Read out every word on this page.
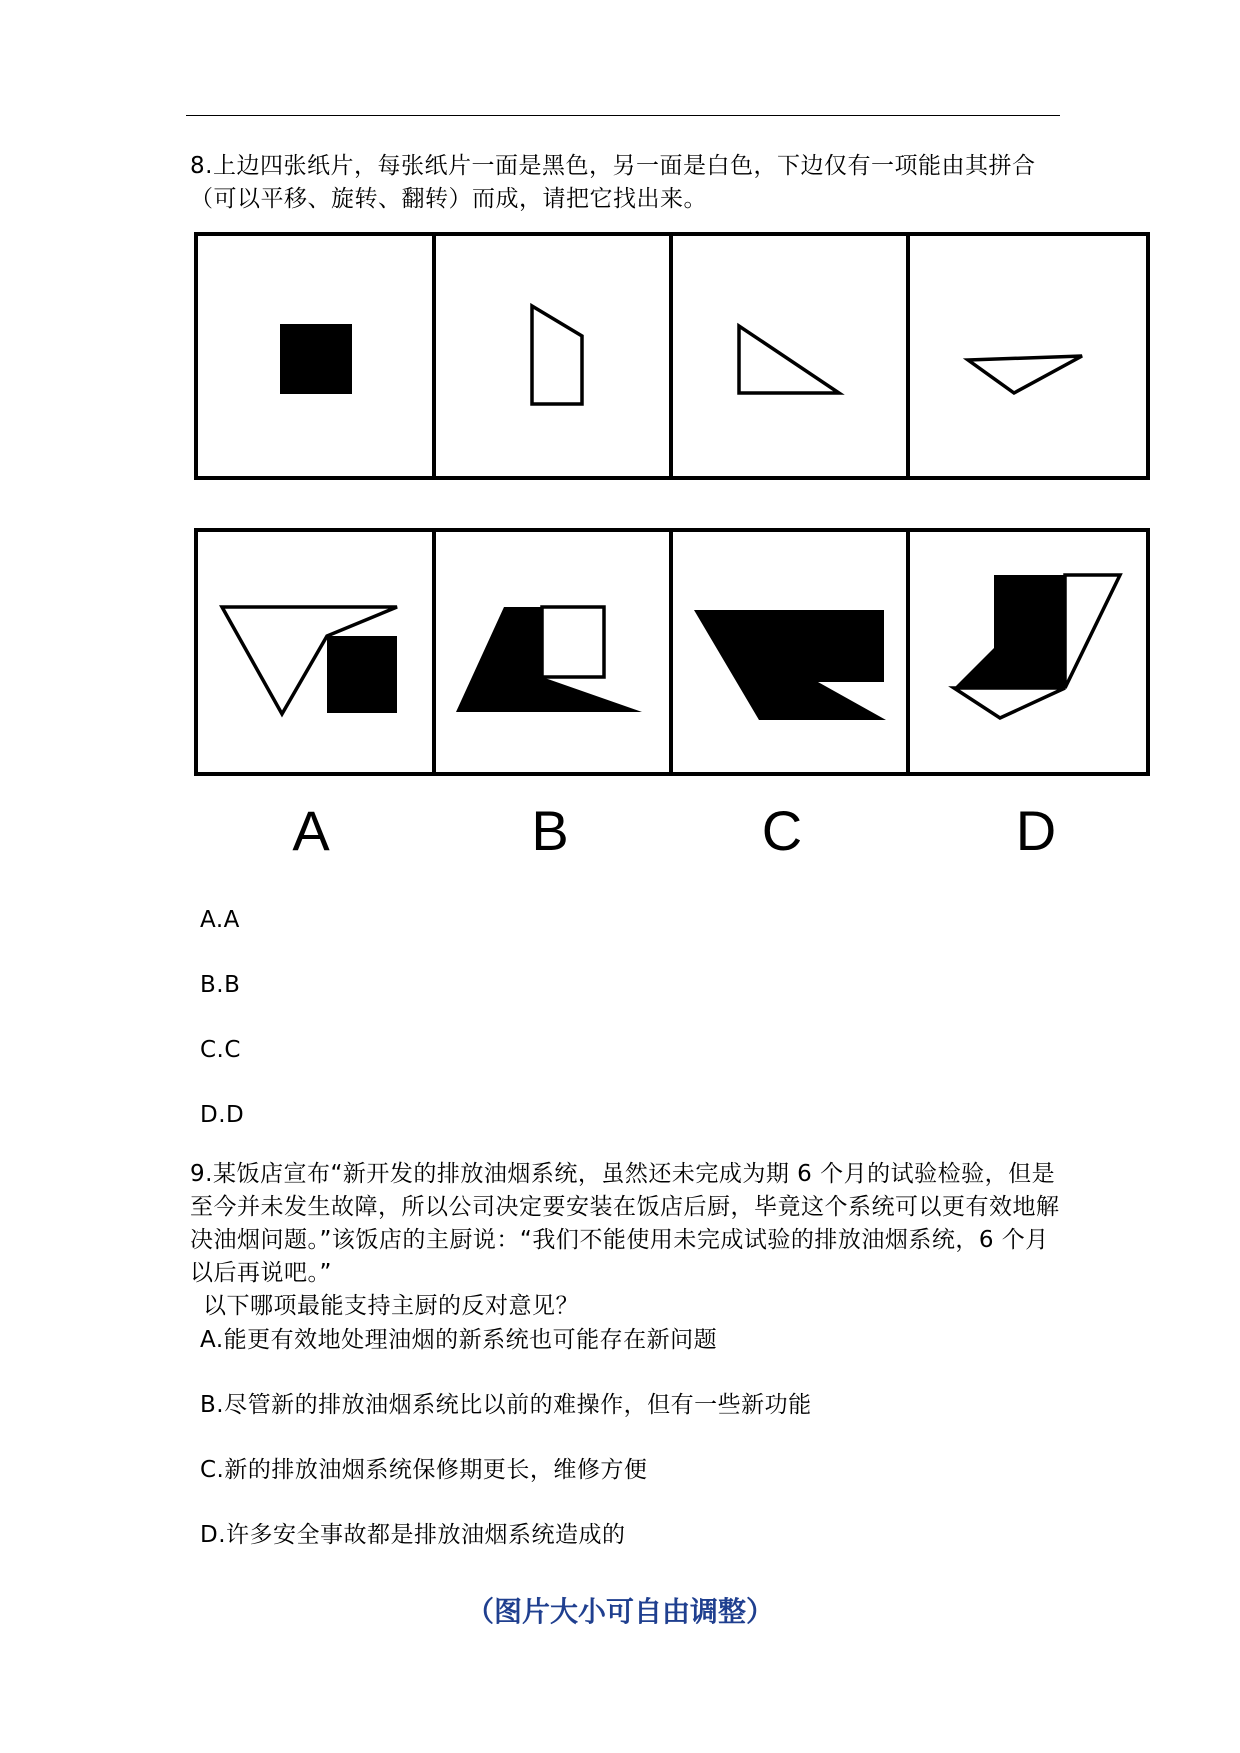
8.上边四张纸片，每张纸片一面是黑色，另一面是白色，下边仅有一项能由其拼合（可以平移、旋转、翻转）而成，请把它找出来。
A	B	C	D
A.A
B.B
C.C
D.D
9.某饭店宣布“新开发的排放油烟系统，虽然还未完成为期 6 个月的试验检验，但是至今并未发生故障，所以公司决定要安装在饭店后厨，毕竟这个系统可以更有效地解决油烟问题。”该饭店的主厨说：“我们不能使用未完成试验的排放油烟系统，6 个月以后再说吧。”
以下哪项最能支持主厨的反对意见？
A.能更有效地处理油烟的新系统也可能存在新问题
B.尽管新的排放油烟系统比以前的难操作，但有一些新功能
C.新的排放油烟系统保修期更长，维修方便
D.许多安全事故都是排放油烟系统造成的
（图片大小可自由调整）
